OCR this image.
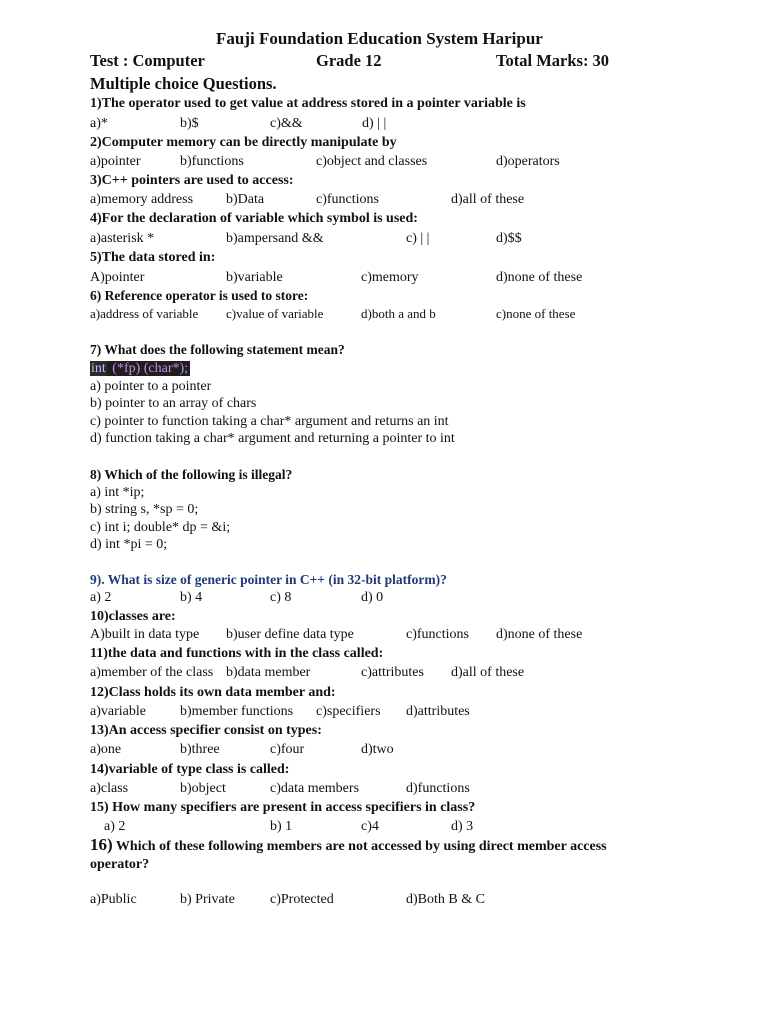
Fauji Foundation Education System Haripur
Test : Computer	Grade 12	Total Marks: 30
Multiple choice Questions.
1)The operator used to get value at address stored in a pointer variable is
a)*	b)$	c)&&	d) | |
2)Computer memory can be directly manipulate by
a)pointer	b)functions	c)object and classes	d)operators
3)C++ pointers are used to access:
a)memory address b)Data	c)functions	d)all of these
4)For the declaration of variable which symbol is used:
a)asterisk *	b)ampersand &&	c) | |	d)$$
5)The data stored in:
A)pointer	b)variable	c)memory	d)none of these
6) Reference operator is used to store:
a)address of variable c)value of variable	d)both a and b	c)none of these
7) What does the following statement mean?
int (*fp) (char*);
a) pointer to a pointer
b) pointer to an array of chars
c) pointer to function taking a char* argument and returns an int
d) function taking a char* argument and returning a pointer to int
8) Which of the following is illegal?
a) int *ip;
b) string s, *sp = 0;
c) int i; double* dp = &i;
d) int *pi = 0;
9). What is size of generic pointer in C++ (in 32-bit platform)?
a) 2	b) 4	c) 8	d) 0
10)classes are:
A)built in data type b)user define data type	c)functions d)none of these
11)the data and functions with in the class called:
a)member of the class b)data member	c)attributes d)all of these
12)Class holds its own data member and:
a)variable b)member functions c)specifiers d)attributes
13)An access specifier consist on types:
a)one	b)three	c)four	d)two
14)variable of type class is called:
a)class	b)object	c)data members	d)functions
15) How many specifiers are present in access specifiers in class?
a) 2	b) 1	c)4	d) 3
16) Which of these following members are not accessed by using direct member access
operator?
a)Public	b) Private	c)Protected	d)Both B & C
